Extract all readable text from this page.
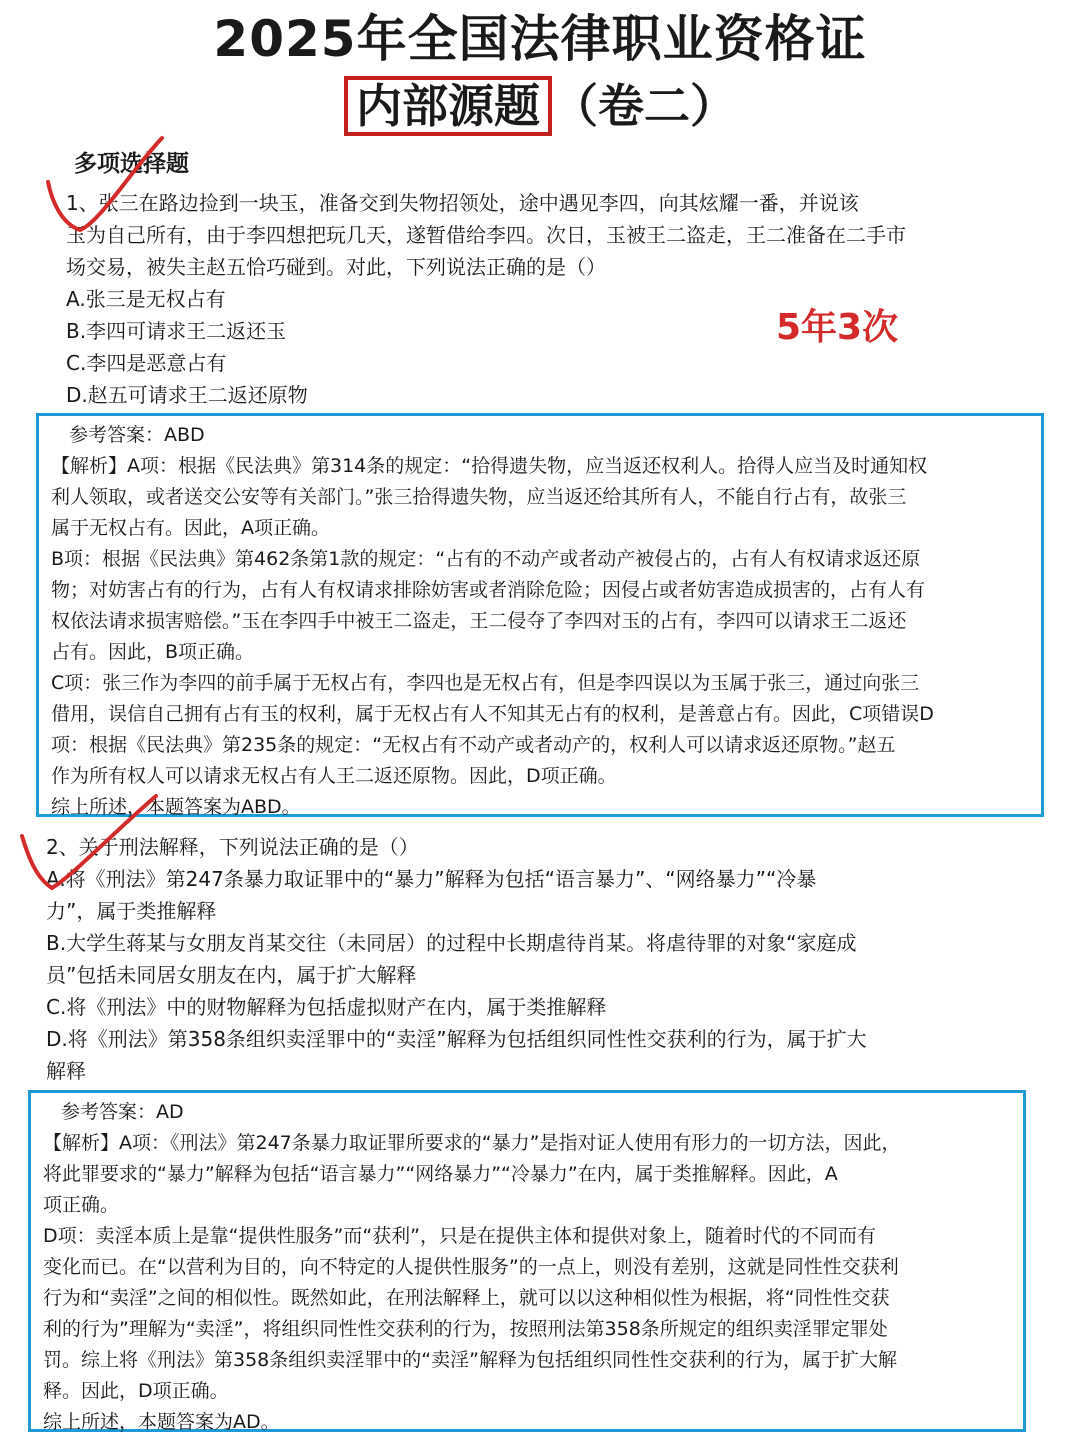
2025年全国法律职业资格证
内部源题 （卷二）
多项选择题
1、张三在路边捡到一块玉，准备交到失物招领处，途中遇见李四，向其炫耀一番，并说该
玉为自己所有，由于李四想把玩几天，遂暂借给李四。次日，玉被王二盗走，王二准备在二手市
场交易，被失主赵五恰巧碰到。对此，下列说法正确的是（）
A.张三是无权占有
B.李四可请求王二返还玉
C.李四是恶意占有
D.赵五可请求王二返还原物
5年3次
参考答案：ABD
【解析】A项：根据《民法典》第314条的规定：“拾得遗失物，应当返还权利人。拾得人应当及时通知权
利人领取，或者送交公安等有关部门。”张三拾得遗失物，应当返还给其所有人，不能自行占有，故张三
属于无权占有。因此，A项正确。
B项：根据《民法典》第462条第1款的规定：“占有的不动产或者动产被侵占的，占有人有权请求返还原
物；对妨害占有的行为，占有人有权请求排除妨害或者消除危险；因侵占或者妨害造成损害的，占有人有
权依法请求损害赔偿。”玉在李四手中被王二盗走，王二侵夺了李四对玉的占有，李四可以请求王二返还
占有。因此，B项正确。
C项：张三作为李四的前手属于无权占有，李四也是无权占有，但是李四误以为玉属于张三，通过向张三
借用，误信自己拥有占有玉的权利，属于无权占有人不知其无占有的权利，是善意占有。因此，C项错误D
项：根据《民法典》第235条的规定：“无权占有不动产或者动产的，权利人可以请求返还原物。”赵五
作为所有权人可以请求无权占有人王二返还原物。因此，D项正确。
综上所述，本题答案为ABD。
2、关于刑法解释，下列说法正确的是（）
A.将《刑法》第247条暴力取证罪中的“暴力”解释为包括“语言暴力”、“网络暴力”“冷暴
力”，属于类推解释
B.大学生蒋某与女朋友肖某交往（未同居）的过程中长期虐待肖某。将虐待罪的对象“家庭成
员”包括未同居女朋友在内，属于扩大解释
C.将《刑法》中的财物解释为包括虚拟财产在内，属于类推解释
D.将《刑法》第358条组织卖淫罪中的“卖淫”解释为包括组织同性性交获利的行为，属于扩大
解释
参考答案：AD
【解析】A项：《刑法》第247条暴力取证罪所要求的“暴力”是指对证人使用有形力的一切方法，因此，
将此罪要求的“暴力”解释为包括“语言暴力”“网络暴力”“冷暴力”在内，属于类推解释。因此，A
项正确。
D项：卖淫本质上是靠“提供性服务”而“获利”，只是在提供主体和提供对象上，随着时代的不同而有
变化而已。在“以营利为目的，向不特定的人提供性服务”的一点上，则没有差别，这就是同性性交获利
行为和“卖淫”之间的相似性。既然如此，在刑法解释上，就可以以这种相似性为根据，将“同性性交获
利的行为”理解为“卖淫”，将组织同性性交获利的行为，按照刑法第358条所规定的组织卖淫罪定罪处
罚。综上将《刑法》第358条组织卖淫罪中的“卖淫”解释为包括组织同性性交获利的行为，属于扩大解
释。因此，D项正确。
综上所述，本题答案为AD。
